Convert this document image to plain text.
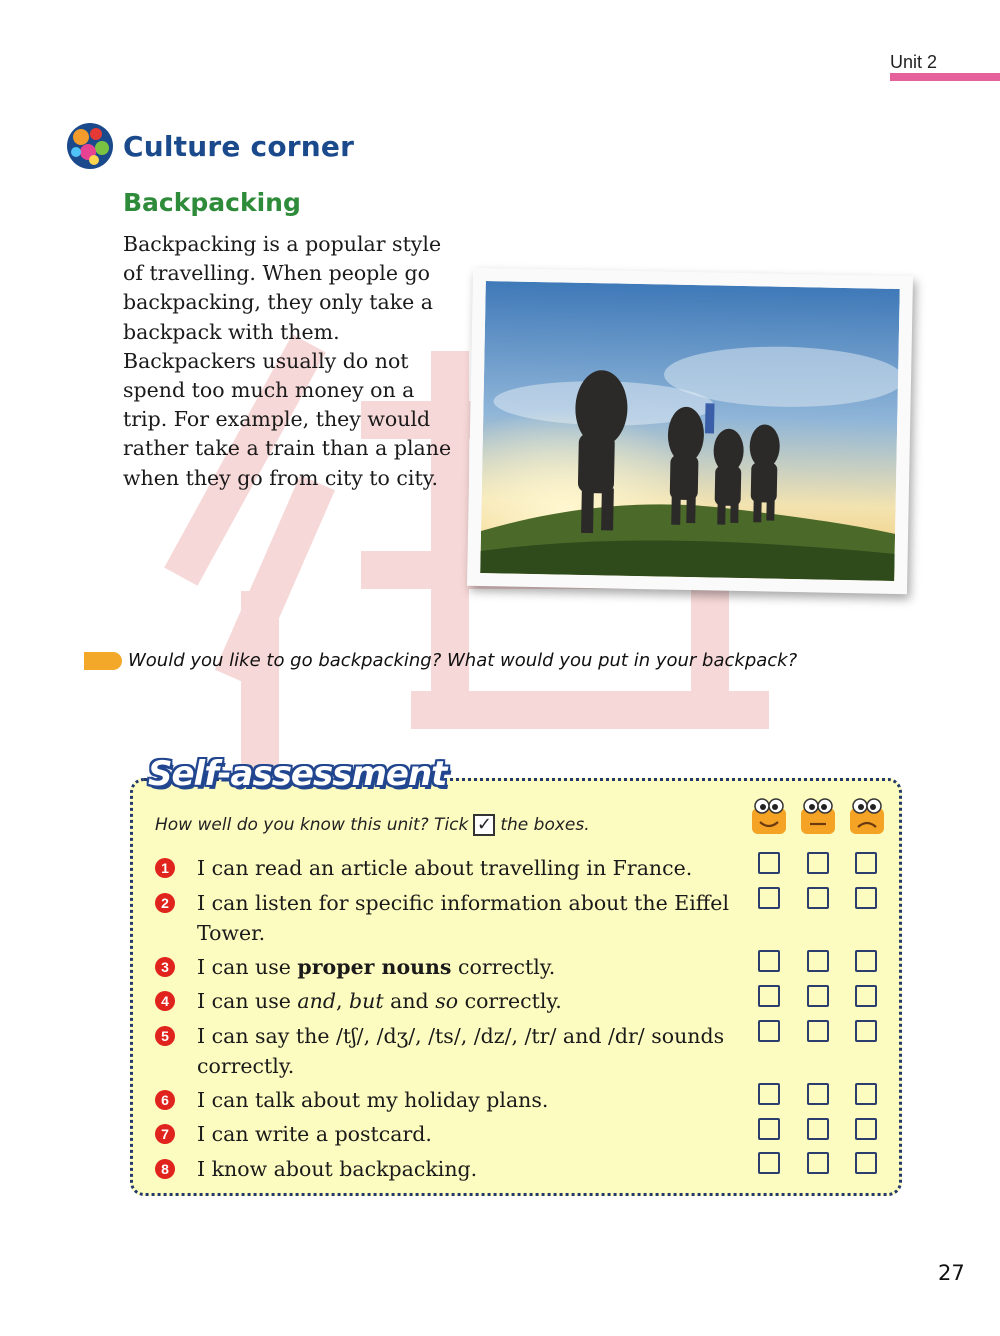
Unit 2
Culture corner
Backpacking
Backpacking is a popular style of travelling. When people go backpacking, they only take a backpack with them. Backpackers usually do not spend too much money on a trip. For example, they would rather take a train than a plane when they go from city to city.
Would you like to go backpacking? What would you put in your backpack?
Self-assessment
How well do you know this unit? Tick ✓ the boxes.
1 I can read an article about travelling in France.
2 I can listen for specific information about the Eiffel Tower.
3 I can use proper nouns correctly.
4 I can use and, but and so correctly.
5 I can say the /tʃ/, /dʒ/, /ts/, /dz/, /tr/ and /dr/ sounds correctly.
6 I can talk about my holiday plans.
7 I can write a postcard.
8 I know about backpacking.
27
